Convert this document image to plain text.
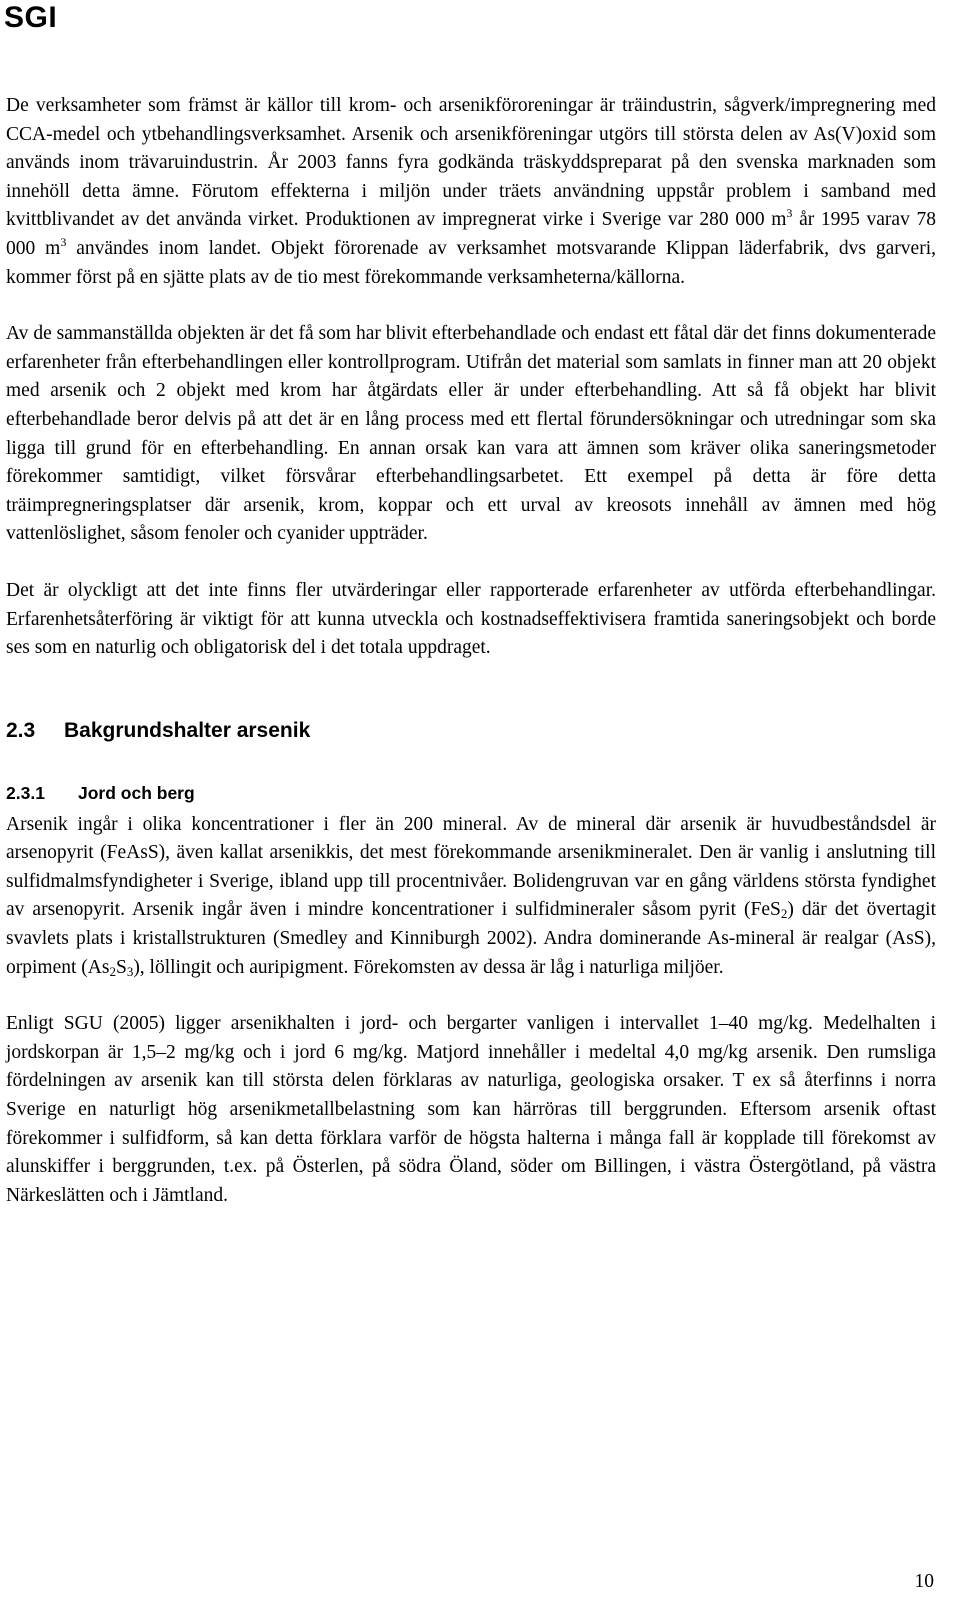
SGI

De verksamheter som främst är källor till krom- och arsenikföroreningar är träindustrin, sågverk/impregnering med CCA-medel och ytbehandlingsverksamhet. Arsenik och arsenikföreningar utgörs till största delen av As(V)oxid som används inom trävaruindustrin. År 2003 fanns fyra godkända träskyddspreparat på den svenska marknaden som innehöll detta ämne. Förutom effekterna i miljön under träets användning uppstår problem i samband med kvittblivandet av det använda virket. Produktionen av impregnerat virke i Sverige var 280 000 $m^3$ år 1995 varav 78 000 $m^3$ användes inom landet. Objekt förorenade av verksamhet motsvarande Klippan läderfabrik, dvs garveri, kommer först på en sjätte plats av de tio mest förekommande verksamheterna/källorna.

Av de sammanställda objekten är det få som har blivit efterbehandlade och endast ett fåtal där det finns dokumenterade erfarenheter från efterbehandlingen eller kontrollprogram. Utifrån det material som samlats in finner man att 20 objekt med arsenik och 2 objekt med krom har åtgärdats eller är under efterbehandling. Att så få objekt har blivit efterbehandlade beror delvis på att det är en lång process med ett flertal förundersökningar och utredningar som ska ligga till grund för en efterbehandling. En annan orsak kan vara att ämnen som kräver olika saneringsmetoder förekommer samtidigt, vilket försvårar efterbehandlingsarbetet. Ett exempel på detta är före detta träimpregneringsplatser där arsenik, krom, koppar och ett urval av kreosots innehåll av ämnen med hög vattenlöslighet, såsom fenoler och cyanider uppträder.

Det är olyckligt att det inte finns fler utvärderingar eller rapporterade erfarenheter av utförda efterbehandlingar. Erfarenhetsåterföring är viktigt för att kunna utveckla och kostnadseffektivisera framtida saneringsobjekt och borde ses som en naturlig och obligatorisk del i det totala uppdraget.

2.3	Bakgrundshalter arsenik
2.3.1	Jord och berg

Arsenik ingår i olika koncentrationer i fler än 200 mineral. Av de mineral där arsenik är huvudbeståndsdel är arsenopyrit (FeAsS), även kallat arsenikkis, det mest förekommande arsenikmineralet. Den är vanlig i anslutning till sulfidmalmsfyndigheter i Sverige, ibland upp till procentnivåer. Bolidengruvan var en gång världens största fyndighet av arsenopyrit. Arsenik ingår även i mindre koncentrationer i sulfidmineraler såsom pyrit (FeS$_2$) där det övertagit svavlets plats i kristallstrukturen (Smedley and Kinniburgh 2002). Andra dominerande As-mineral är realgar (AsS), orpiment $(As_2S_3)$, löllingit och auripigment. Förekomsten av dessa är låg i naturliga miljöer.

Enligt SGU (2005) ligger arsenikhalten i jord- och bergarter vanligen i intervallet 1–40 mg/kg. Medelhalten i jordskorpan är 1,5–2 mg/kg och i jord 6 mg/kg. Matjord innehåller i medeltal 4,0 mg/kg arsenik. Den rumsliga fördelningen av arsenik kan till största delen förklaras av naturliga, geologiska orsaker. T ex så återfinns i norra Sverige en naturligt hög arsenikmetallbelastning som kan härröras till berggrunden. Eftersom arsenik oftast förekommer i sulfidform, så kan detta förklara varför de högsta halterna i många fall är kopplade till förekomst av alunskiffer i berggrunden, t.ex. på Österlen, på södra Öland, söder om Billingen, i västra Östergötland, på västra Närkeslätten och i Jämtland.

10
